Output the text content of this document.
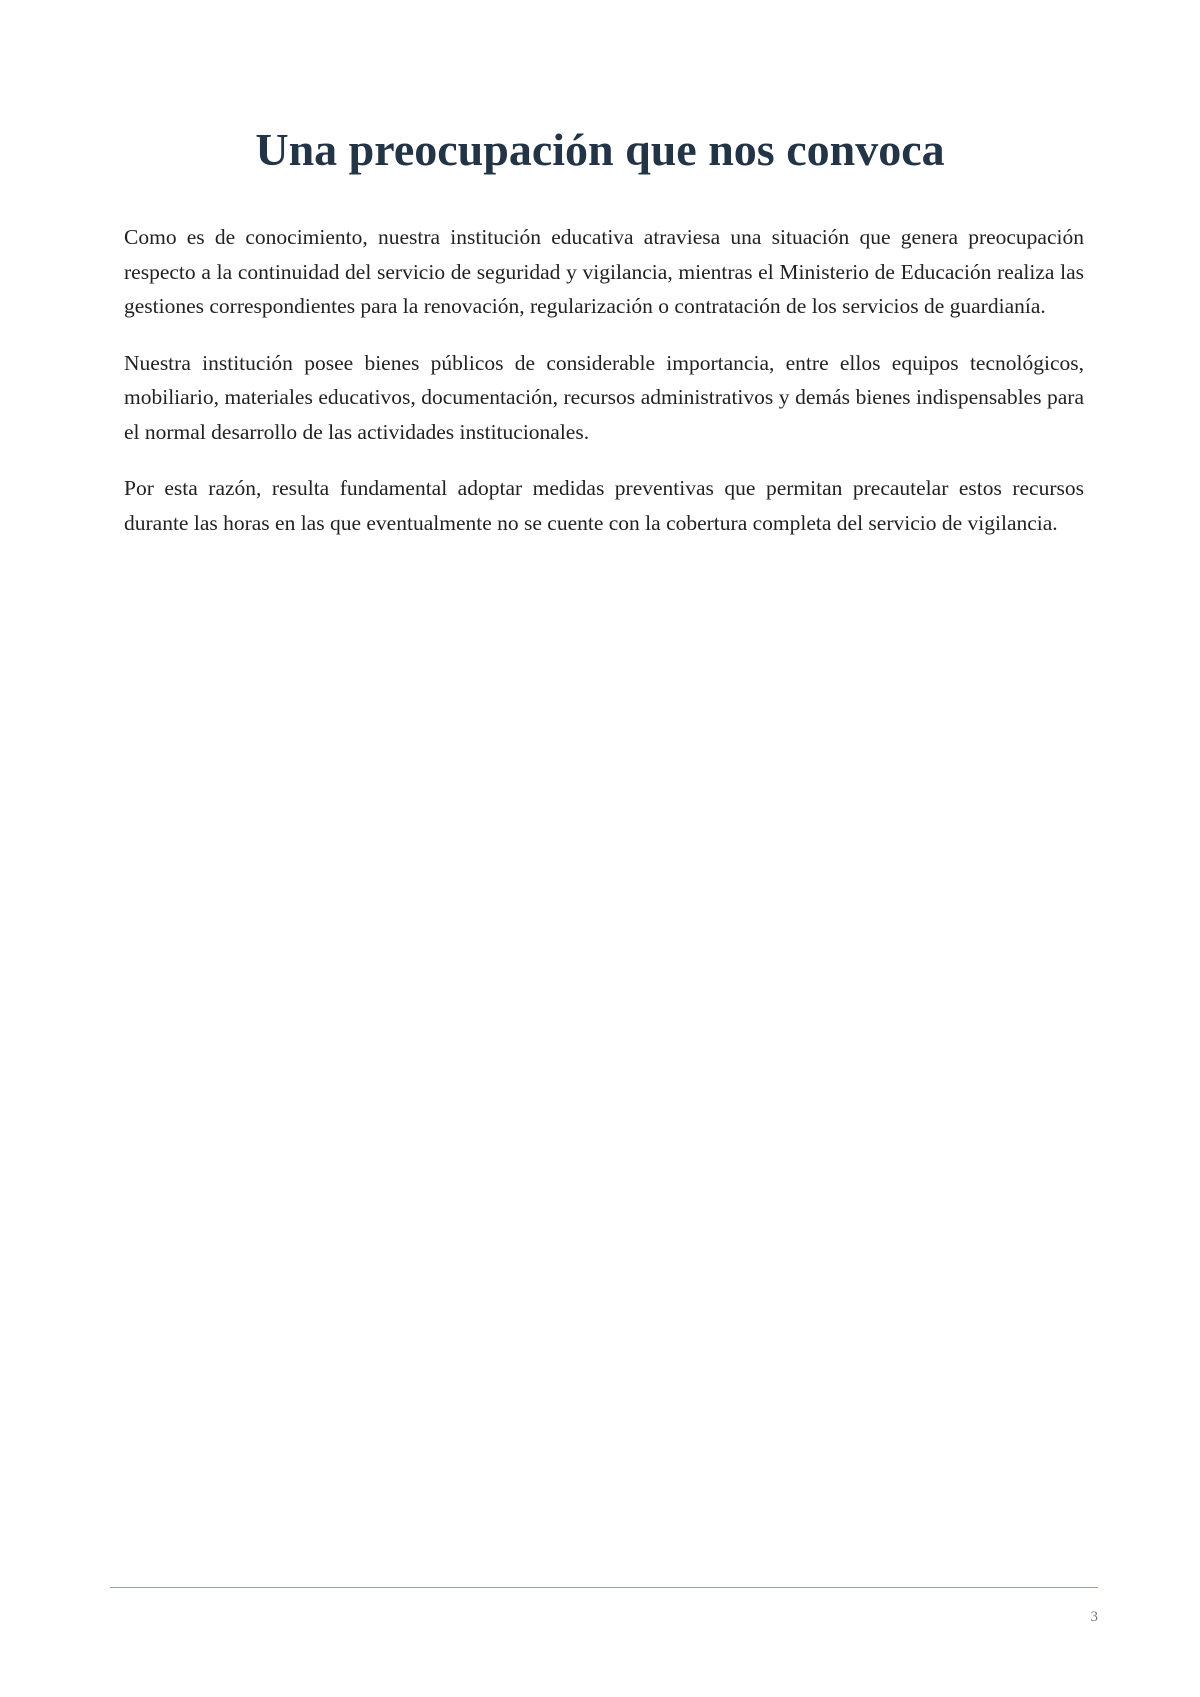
Una preocupación que nos convoca

Como es de conocimiento, nuestra institución educativa atraviesa una situación que genera preocupación respecto a la continuidad del servicio de seguridad y vigilancia, mientras el Ministerio de Educación realiza las gestiones correspondientes para la renovación, regularización o contratación de los servicios de guardianía.

Nuestra institución posee bienes públicos de considerable importancia, entre ellos equipos tecnológicos, mobiliario, materiales educativos, documentación, recursos administrativos y demás bienes indispensables para el normal desarrollo de las actividades institucionales.

Por esta razón, resulta fundamental adoptar medidas preventivas que permitan precautelar estos recursos durante las horas en las que eventualmente no se cuente con la cobertura completa del servicio de vigilancia.

3
